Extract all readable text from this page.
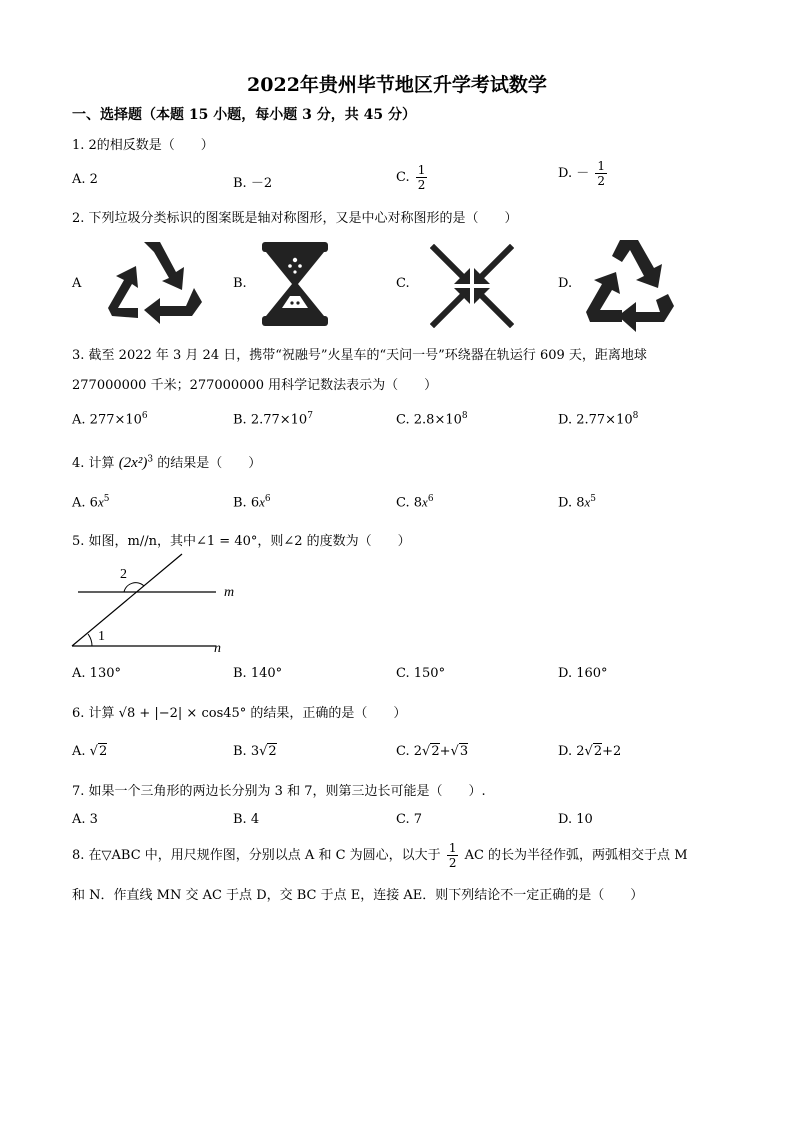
2022年贵州毕节地区升学考试数学
一、选择题（本题 15 小题，每小题 3 分，共 45 分）
1. 2的相反数是（　　）
A. 2	B. －2	C. $\frac{1}{2}$	D. － $\frac{1}{2}$
2. 下列垃圾分类标识的图案既是轴对称图形，又是中心对称图形的是（　　）
A	B.	C.	D.
3. 截至 2022 年 3 月 24 日，携带“祝融号”火星车的“天问一号”环绕器在轨运行 609 天，距离地球
277000000 千米；277000000 用科学记数法表示为（　　）
A. $277\times 10^6$	B. $2.77\times 10^7$	C. $2.8\times 10^8$	D. $2.77\times 10^8$
4. 计算 $(2x^2)^3$ 的结果是（　　）
A. $6x^5$	B. $6x^6$	C. $8x^6$	D. $8x^5$
5. 如图，m//n，其中∠1 = 40°，则∠2 的度数为（　　）
2
1
m
n
A. 130°	B. 140°	C. 150°	D. 160°
6. 计算 √8 + |−2| × cos45° 的结果，正确的是（　　）
A. √2	B. 3√2	C. 2√2+√3	D. 2√2+2
7. 如果一个三角形的两边长分别为 3 和 7，则第三边长可能是（　　）.
A. 3	B. 4	C. 7	D. 10
8. 在▽ABC 中，用尺规作图，分别以点 A 和 C 为圆心，以大于 $\frac{1}{2}$ AC 的长为半径作弧，两弧相交于点 M
和 N．作直线 MN 交 AC 于点 D，交 BC 于点 E，连接 AE．则下列结论不一定正确的是（　　）
